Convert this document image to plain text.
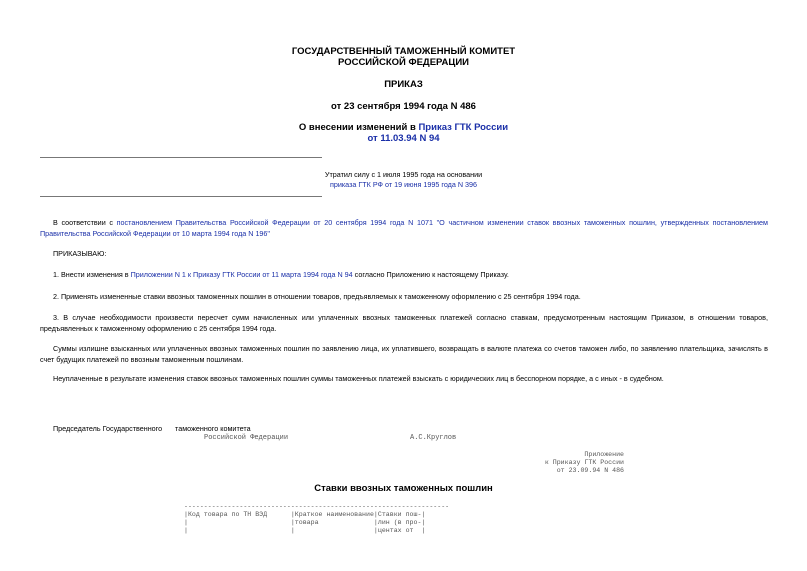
ГОСУДАРСТВЕННЫЙ ТАМОЖЕННЫЙ КОМИТЕТ
РОССИЙСКОЙ ФЕДЕРАЦИИ
ПРИКАЗ
от 23 сентября 1994 года N 486
О внесении изменений в Приказ ГТК России
от 11.03.94 N 94
Утратил силу с 1 июля 1995 года на основании
приказа ГТК РФ от 19 июня 1995 года N 396
В соответствии с постановлением Правительства Российской Федерации от 20 сентября 1994 года N 1071 "О частичном изменении ставок ввозных таможенных пошлин, утвержденных постановлением Правительства Российской Федерации от 10 марта 1994 года N 196"
ПРИКАЗЫВАЮ:
1. Внести изменения в Приложении N 1 к Приказу ГТК России от 11 марта 1994 года N 94 согласно Приложению к настоящему Приказу.
2. Применять измененные ставки ввозных таможенных пошлин в отношении товаров, предъявляемых к таможенному оформлению с 25 сентября 1994 года.
3. В случае необходимости произвести пересчет сумм начисленных или уплаченных ввозных таможенных платежей согласно ставкам, предусмотренным настоящим Приказом, в отношении товаров, предъявленных к таможенному оформлению с 25 сентября 1994 года.
Суммы излишне взысканных или уплаченных ввозных таможенных пошлин по заявлению лица, их уплатившего, возвращать в валюте платежа со счетов таможен либо, по заявлению плательщика, зачислять в счет будущих платежей по ввозным таможенным пошлинам.
Неуплаченные в результате изменения ставок ввозных таможенных пошлин суммы таможенных платежей взыскать с юридических лиц в бесспорном порядке, а с иных - в судебном.
Председатель Государственного таможенного комитета
Российской Федерации	А.С.Круглов
Приложение
к Приказу ГТК России
от 23.09.94 N 486
Ставки ввозных таможенных пошлин
-------------------------------------------------------------------
|Код товара по ТН ВЭД      |Краткое наименование|Ставки пош-|
|                          |товара              |лин (в про-|
|                          |                    |центах от  |
